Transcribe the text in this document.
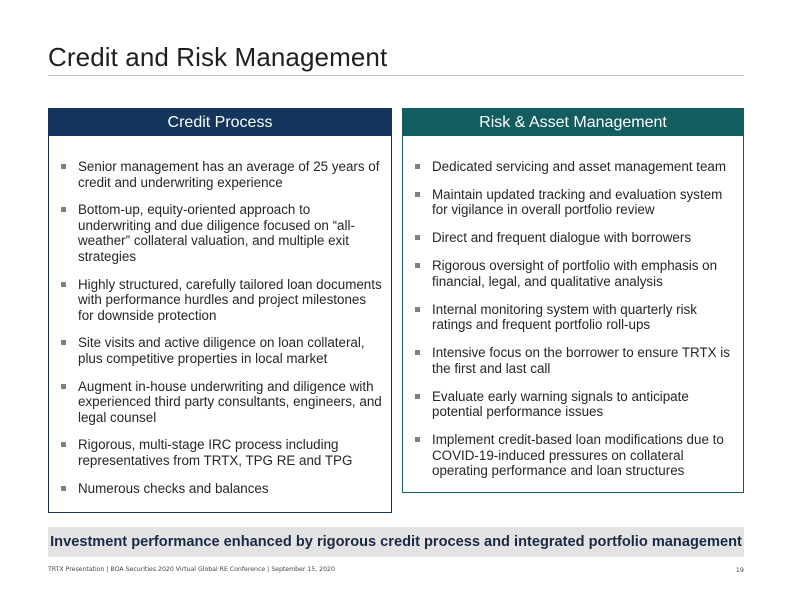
Credit and Risk Management
Credit Process
Senior management has an average of 25 years of credit and underwriting experience
Bottom-up, equity-oriented approach to underwriting and due diligence focused on “all-weather” collateral valuation, and multiple exit strategies
Highly structured, carefully tailored loan documents with performance hurdles and project milestones for downside protection
Site visits and active diligence on loan collateral, plus competitive properties in local market
Augment in-house underwriting and diligence with experienced third party consultants, engineers, and legal counsel
Rigorous, multi-stage IRC process including representatives from TRTX, TPG RE and TPG
Numerous checks and balances
Risk & Asset Management
Dedicated servicing and asset management team
Maintain updated tracking and evaluation system for vigilance in overall portfolio review
Direct and frequent dialogue with borrowers
Rigorous oversight of portfolio with emphasis on financial, legal, and qualitative analysis
Internal monitoring system with quarterly risk ratings and frequent portfolio roll-ups
Intensive focus on the borrower to ensure TRTX is the first and last call
Evaluate early warning signals to anticipate potential performance issues
Implement credit-based loan modifications due to COVID-19-induced pressures on collateral operating performance and loan structures
Investment performance enhanced by rigorous credit process and integrated portfolio management
TRTX Presentation | BOA Securities 2020 Virtual Global RE Conference | September 15, 2020	19
